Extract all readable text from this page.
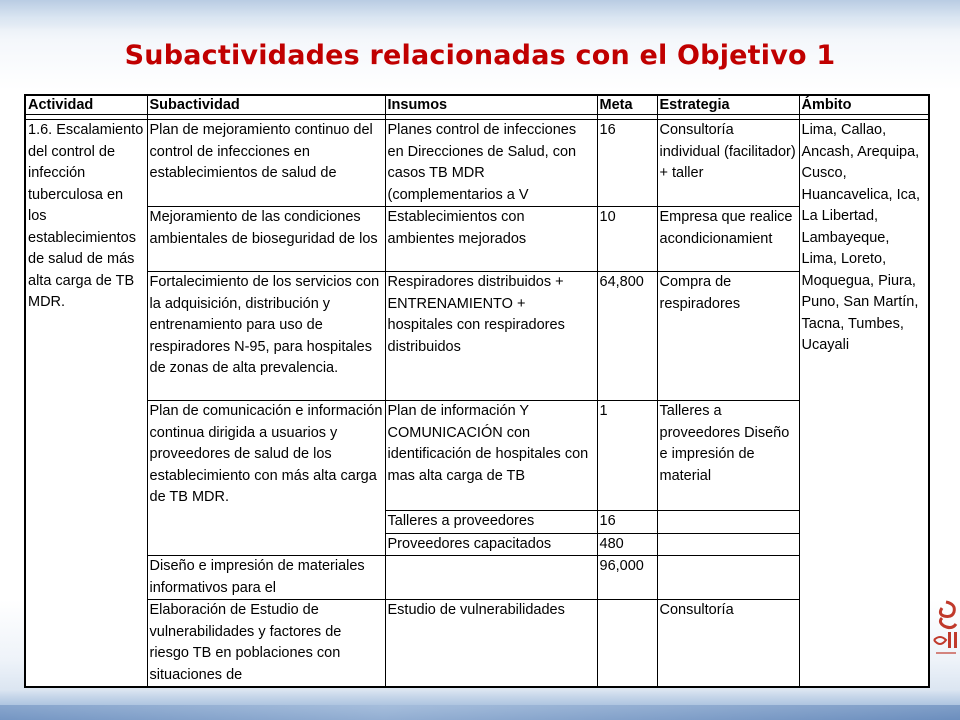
Subactividades relacionadas con el Objetivo 1
Actividad	Subactividad	Insumos	Meta	Estrategia	Ámbito

1.6. Escalamiento del control de infección tuberculosa en los establecimientos de salud de más alta carga de TB MDR.	Plan de mejoramiento continuo del control de infecciones en establecimientos de salud de	Planes control de infecciones en Direcciones de Salud, con casos TB MDR (complementarios a V	16	Consultoría individual (facilitador) + taller	Lima, Callao, Ancash, Arequipa, Cusco, Huancavelica, Ica, La Libertad, Lambayeque, Lima, Loreto, Moquegua, Piura, Puno, San Martín, Tacna, Tumbes, Ucayali
	Mejoramiento de las condiciones ambientales de bioseguridad de los	Establecimientos con ambientes mejorados	10	Empresa que realice acondicionamient	
	Fortalecimiento de los servicios con la adquisición, distribución y entrenamiento para uso de respiradores N-95, para hospitales de zonas de alta prevalencia.	Respiradores distribuidos + ENTRENAMIENTO + hospitales con respiradores distribuidos	64,800	Compra de respiradores	
	Plan de comunicación e información continua dirigida a usuarios y proveedores de salud de los establecimiento con más alta carga de TB MDR.	Plan de información Y COMUNICACIÓN con identificación de hospitales con mas alta carga de TB	1	Talleres a proveedores Diseño e impresión de material	
		Talleres a proveedores	16		
		Proveedores capacitados	480		
	Diseño e impresión de materiales informativos para el		96,000		
	Elaboración de Estudio de vulnerabilidades y factores de riesgo TB en poblaciones con situaciones de	Estudio de vulnerabilidades		Consultoría	
